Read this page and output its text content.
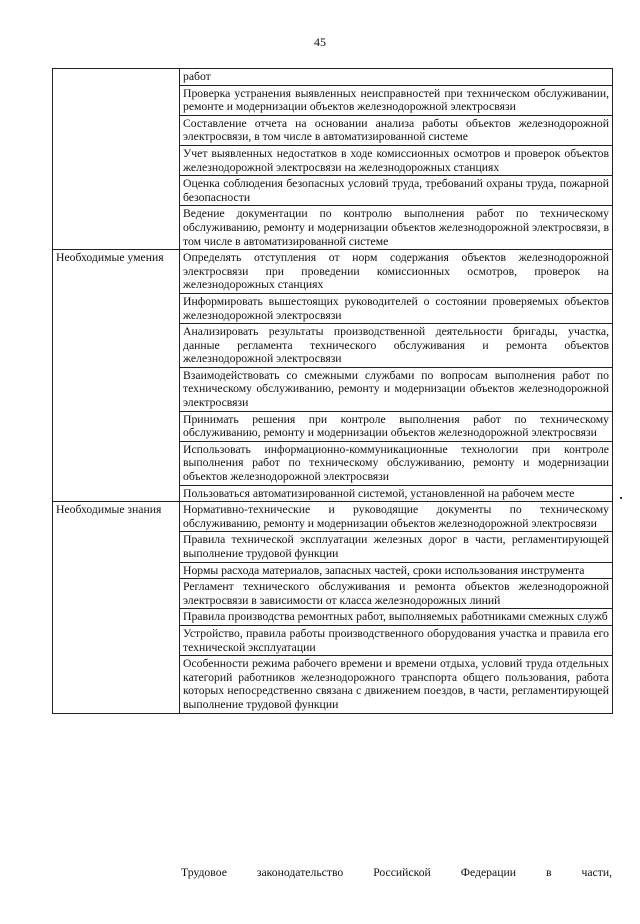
45
	работ
	Проверка устранения выявленных неисправностей при техническом обслуживании, ремонте и модернизации объектов железнодорожной электросвязи
	Составление отчета на основании анализа работы объектов железнодорожной электросвязи, в том числе в автоматизированной системе
	Учет выявленных недостатков в ходе комиссионных осмотров и проверок объектов железнодорожной электросвязи на железнодорожных станциях
	Оценка соблюдения безопасных условий труда, требований охраны труда, пожарной безопасности
	Ведение документации по контролю выполнения работ по техническому обслуживанию, ремонту и модернизации объектов железнодорожной электросвязи, в том числе в автоматизированной системе
Необходимые умения	Определять отступления от норм содержания объектов железнодорожной электросвязи при проведении комиссионных осмотров, проверок на железнодорожных станциях
	Информировать вышестоящих руководителей о состоянии проверяемых объектов железнодорожной электросвязи
	Анализировать результаты производственной деятельности бригады, участка, данные регламента технического обслуживания и ремонта объектов железнодорожной электросвязи
	Взаимодействовать со смежными службами по вопросам выполнения работ по техническому обслуживанию, ремонту и модернизации объектов железнодорожной электросвязи
	Принимать решения при контроле выполнения работ по техническому обслуживанию, ремонту и модернизации объектов железнодорожной электросвязи
	Использовать информационно-коммуникационные технологии при контроле выполнения работ по техническому обслуживанию, ремонту и модернизации объектов железнодорожной электросвязи
	Пользоваться автоматизированной системой, установленной на рабочем месте
Необходимые знания	Нормативно-технические и руководящие документы по техническому обслуживанию, ремонту и модернизации объектов железнодорожной электросвязи
	Правила технической эксплуатации железных дорог в части, регламентирующей выполнение трудовой функции
	Нормы расхода материалов, запасных частей, сроки использования инструмента
	Регламент технического обслуживания и ремонта объектов железнодорожной электросвязи в зависимости от класса железнодорожных линий
	Правила производства ремонтных работ, выполняемых работниками смежных служб
	Устройство, правила работы производственного оборудования участка и правила его технической эксплуатации
	Особенности режима рабочего времени и времени отдыха, условий труда отдельных категорий работников железнодорожного транспорта общего пользования, работа которых непосредственно связана с движением поездов, в части, регламентирующей выполнение трудовой функции
Трудовое законодательство Российской Федерации в части,
